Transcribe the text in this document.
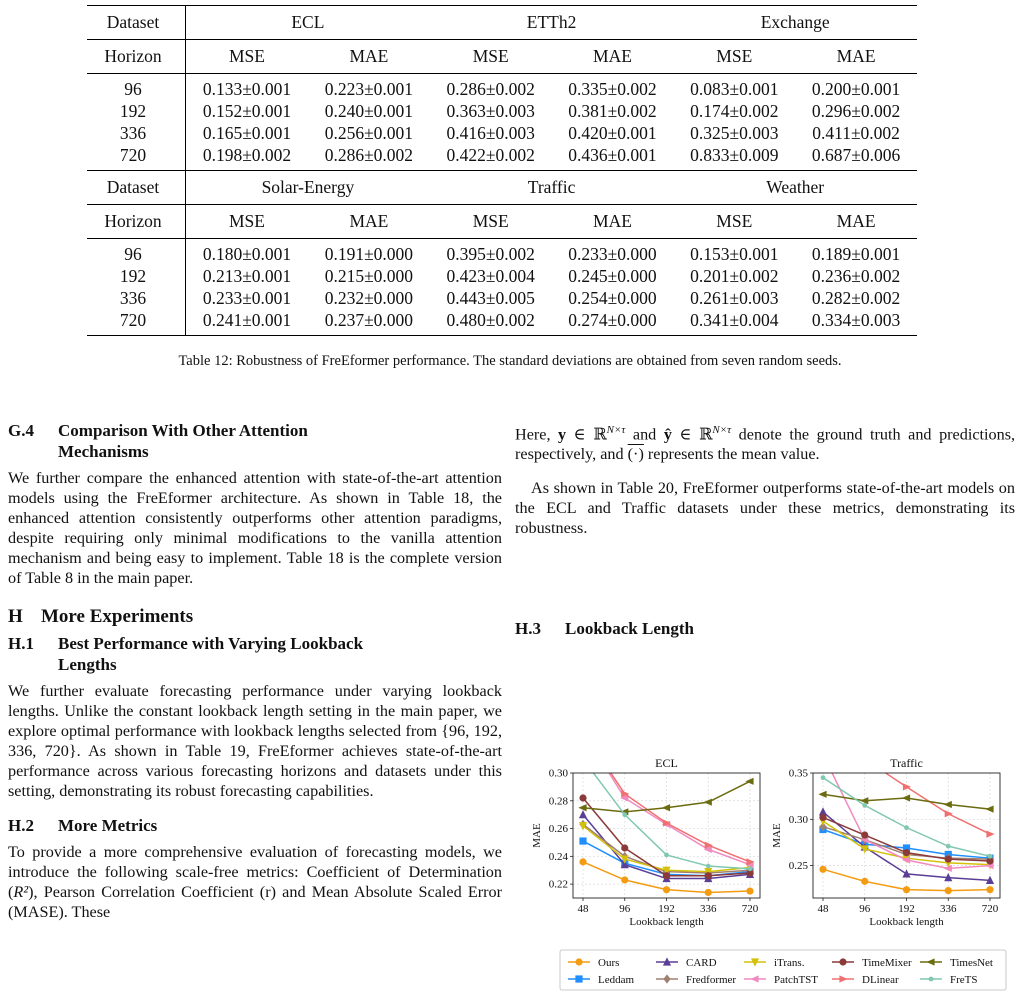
Dataset	ECL		ETTh2		Exchange	
Horizon	MSE	MAE	MSE	MAE	MSE	MAE
96	0.133±0.001	0.223±0.001	0.286±0.002	0.335±0.002	0.083±0.001	0.200±0.001
192	0.152±0.001	0.240±0.001	0.363±0.003	0.381±0.002	0.174±0.002	0.296±0.002
336	0.165±0.001	0.256±0.001	0.416±0.003	0.420±0.001	0.325±0.003	0.411±0.002
720	0.198±0.002	0.286±0.002	0.422±0.002	0.436±0.001	0.833±0.009	0.687±0.006
Dataset	Solar-Energy		Traffic		Weather	
Horizon	MSE	MAE	MSE	MAE	MSE	MAE
96	0.180±0.001	0.191±0.000	0.395±0.002	0.233±0.000	0.153±0.001	0.189±0.001
192	0.213±0.001	0.215±0.000	0.423±0.004	0.245±0.000	0.201±0.002	0.236±0.002
336	0.233±0.001	0.232±0.000	0.443±0.005	0.254±0.000	0.261±0.003	0.282±0.002
720	0.241±0.001	0.237±0.000	0.480±0.002	0.274±0.000	0.341±0.004	0.334±0.003
Table 12: Robustness of FreEformer performance. The standard deviations are obtained from seven random seeds.
G.4	Comparison With Other Attention
Mechanisms

We further compare the enhanced attention with state-of-the-art attention models using the FreEformer architecture. As shown in Table 18, the enhanced attention consistently outperforms other attention paradigms, despite requiring only minimal modifications to the vanilla attention mechanism and being easy to implement. Table 18 is the complete version of Table 8 in the main paper.

H More Experiments
H.1	Best Performance with Varying Lookback
Lengths

We further evaluate forecasting performance under varying lookback lengths. Unlike the constant lookback length setting in the main paper, we explore optimal performance with lookback lengths selected from {96, 192, 336, 720}. As shown in Table 19, FreEformer achieves state-of-the-art performance across various forecasting horizons and datasets under this setting, demonstrating its robust forecasting capabilities.

H.2	More Metrics

To provide a more comprehensive evaluation of forecasting models, we introduce the following scale-free metrics: Coefficient of Determination (R²), Pearson Correlation Coefficient (r) and Mean Absolute Scaled Error (MASE). These

Here, y ∈ ℝ$^{N\times\tau}$ and ŷ ∈ ℝ$^{N\times\tau}$ denote the ground truth and predictions, respectively, and (·) represents the mean value.

As shown in Table 20, FreEformer outperforms state-of-the-art models on the ECL and Traffic datasets under these metrics, demonstrating its robustness.

H.3	Lookback Length
48	96	192 336 720
0.22
0.24
0.26
0.28
0.30
ECL
Lookback length
MAE
48	96	192 336 720
0.25
0.30
0.35
Traffic
Lookback length
MAE
Ours	CARD	iTrans.	TimeMixer	TimesNet
Leddam	Fredformer	PatchTST	DLinear	FreTS
